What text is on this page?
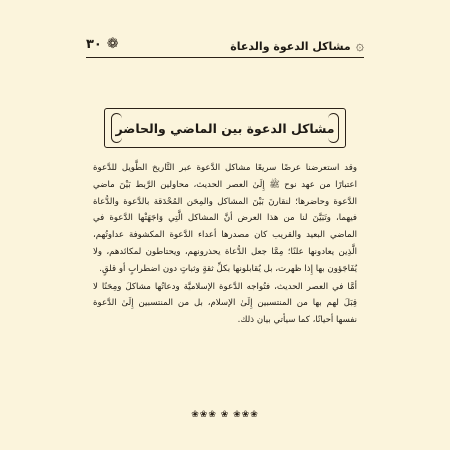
۞ مشاكل الدعوة والدعاة
٣٠ ❁
مشاكل الدعوة بين الماضي والحاضر

وقد استعرضنا عرضًا سريعًا مشاكل الدَّعوة عبر التَّاريخ الطَّويل للدَّعوة اعتبارًا من عهد نوح ﷺ إِلَىٰ العصر الحديث، محاولين الرَّبط بَيْنَ ماضي الدَّعوة وحاضرها؛ لنقارنَ بَيْنَ المشاكل والمِحَن المُحْدَقة بالدَّعوة والدُّعاة فيهما، وتَبَيَّنَ لنا من هذا العرض أنَّ المشاكل الَّتِي وَاجَهَتْها الدَّعوة في الماضي البعيد والقريب كان مصدرها أعداء الدَّعوة المكشوفة عداوتُهم، الَّذِين يعادونها علنًا؛ مِمَّا جعل الدُّعاة يحذرونهم، ويحتاطون لمكائدهم، ولا يُفَاجَؤون بها إِذا ظهرت، بل يُقابلونها بكلِّ ثقةٍ وثباتٍ دون اضطرابٍ أو قلقٍ.

أمَّا في العصر الحديث، فتُواجه الدَّعوة الإسلاميَّة ودعاتُها مشاكلَ ومِحَنًا لا قِبَلَ لهم بها من المنتسبين إِلَىٰ الإسلام، بل من المنتسبين إِلَىٰ الدَّعوة نفسها أحيانًا، كما سيأتي بيان ذلك.

❀❀❀ ❀ ❀❀❀
